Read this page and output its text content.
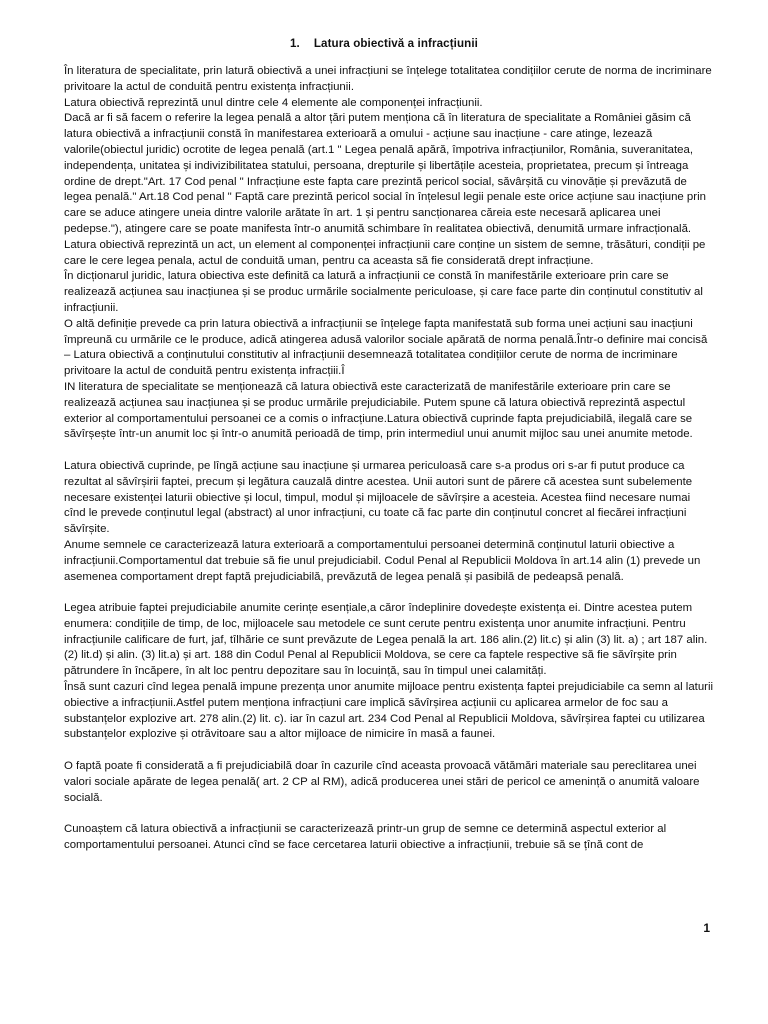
1. Latura obiectivă a infracțiunii

În literatura de specialitate, prin latură obiectivă a unei infracțiuni se înțelege totalitatea condițiilor cerute de norma de incriminare privitoare la actul de conduită pentru existența infracțiunii.

Latura obiectivă reprezintă unul dintre cele 4 elemente ale componenței infracțiunii.

Dacă ar fi să facem o referire la legea penală a altor țări putem menționa că în literatura de specialitate a României găsim că latura obiectivă a infracțiunii constă în manifestarea exterioară a omului - acțiune sau inacțiune - care atinge, lezează valorile(obiectul juridic) ocrotite de legea penală (art.1 " Legea penală apără, împotriva infracțiunilor, România, suveranitatea, independența, unitatea și indivizibilitatea statului, persoana, drepturile și libertățile acesteia, proprietatea, precum și întreaga ordine de drept."Art. 17 Cod penal " Infracțiune este fapta care prezintă pericol social, săvârșită cu vinovăție și prevăzută de legea penală." Art.18 Cod penal " Faptă care prezintă pericol social în înțelesul legii penale este orice acțiune sau inacțiune prin care se aduce atingere uneia dintre valorile arătate în art. 1 și pentru sancționarea căreia este necesară aplicarea unei pedepse."), atingere care se poate manifesta într-o anumită schimbare în realitatea obiectivă, denumită urmare infracțională.

Latura obiectivă reprezintă un act, un element al componenței infracțiunii care conține un sistem de semne, trăsături, condiții pe care le cere legea penala, actul de conduită uman, pentru ca aceasta să fie considerată drept infracțiune.

În dicționarul juridic, latura obiectiva este definită ca latură a infracțiunii ce constă în manifestările exterioare prin care se realizează acțiunea sau inacțiunea și se produc urmările socialmente periculoase, și care face parte din conținutul constitutiv al infracțiunii.

O altă definiție prevede ca prin latura obiectivă a infracțiunii se înțelege fapta manifestată sub forma unei acțiuni sau inacțiuni împreună cu urmările ce le produce, adică atingerea adusă valorilor sociale apărată de norma penală.Într-o definire mai concisă – Latura obiectivă a conținutului constitutiv al infracțiunii desemnează totalitatea condițiilor cerute de norma de incriminare privitoare la actul de conduită pentru existența infracțiii.Î

IN literatura de specialitate se menționează că latura obiectivă este caracterizată de manifestările exterioare prin care se realizează acțiunea sau inacțiunea și se produc urmările prejudiciabile. Putem spune că latura obiectivă reprezintă aspectul exterior al comportamentului persoanei ce a comis o infracțiune.Latura obiectivă cuprinde fapta prejudiciabilă, ilegală care se săvîrșește într-un anumit loc și într-o anumită perioadă de timp, prin intermediul unui anumit mijloc sau unei anumite metode.

Latura obiectivă cuprinde, pe lîngă acțiune sau inacțiune și urmarea periculoasă care s-a produs ori s-ar fi putut produce ca rezultat al săvîrșirii faptei, precum și legătura cauzală dintre acestea. Unii autori sunt de părere că acestea sunt subelemente necesare existenței laturii obiective și locul, timpul, modul și mijloacele de săvîrșire a acesteia. Acestea fiind necesare numai cînd le prevede conținutul legal (abstract) al unor infracțiuni, cu toate că fac parte din conținutul concret al fiecărei infracțiuni săvîrșite.

Anume semnele ce caracterizează latura exterioară a comportamentului persoanei determină conținutul laturii obiective a infracțiunii.Comportamentul dat trebuie să fie unul prejudiciabil. Codul Penal al Republicii Moldova în art.14 alin (1) prevede un asemenea comportament drept faptă prejudiciabilă, prevăzută de legea penală și pasibilă de pedeapsă penală.

Legea atribuie faptei prejudiciabile anumite cerințe esențiale,a căror îndeplinire dovedește existența ei. Dintre acestea putem enumera: condițiile de timp, de loc, mijloacele sau metodele ce sunt cerute pentru existența unor anumite infracțiuni. Pentru infracțiunile calificare de furt, jaf, tîlhărie ce sunt prevăzute de Legea penală la art. 186 alin.(2) lit.c) și alin (3) lit. a) ; art 187 alin. (2) lit.d) și alin. (3) lit.a) și art. 188 din Codul Penal al Republicii Moldova, se cere ca faptele respective să fie săvîrșite prin pătrundere în încăpere, în alt loc pentru depozitare sau în locuință, sau în timpul unei calamități.

Însă sunt cazuri cînd legea penală impune prezența unor anumite mijloace pentru existența faptei prejudiciabile ca semn al laturii obiective a infracțiunii.Astfel putem menționa infracțiuni care implică săvîrșirea acțiunii cu aplicarea armelor de foc sau a substanțelor explozive art. 278 alin.(2) lit. c). iar în cazul art. 234 Cod Penal al Republicii Moldova, săvîrșirea faptei cu utilizarea substanțelor explozive și otrăvitoare sau a altor mijloace de nimicire în masă a faunei.

O faptă poate fi considerată a fi prejudiciabilă doar în cazurile cînd aceasta provoacă vătămări materiale sau pereclitarea unei valori sociale apărate de legea penală( art. 2 CP al RM), adică producerea unei stări de pericol ce amenință o anumită valoare socială.

Cunoaștem că latura obiectivă a infracțiunii se caracterizează printr-un grup de semne ce determină aspectul exterior al comportamentului persoanei. Atunci cînd se face cercetarea laturii obiective a infracțiunii, trebuie să se țînă cont de

1
